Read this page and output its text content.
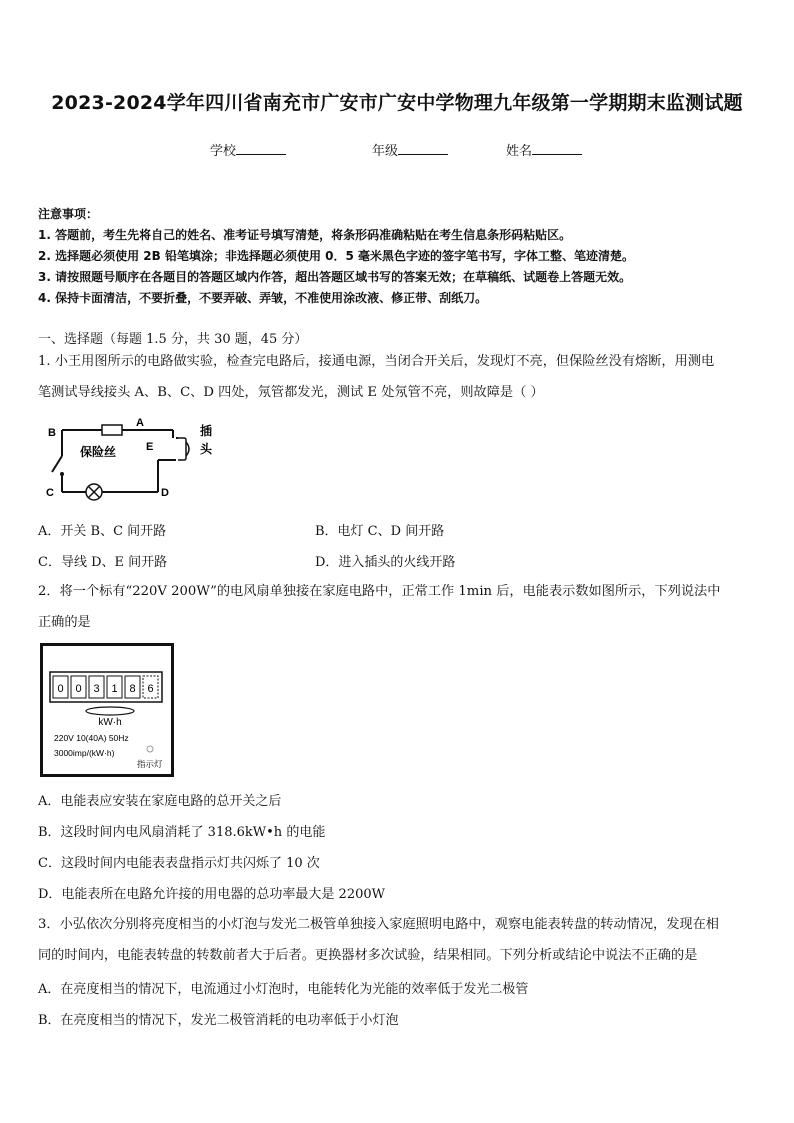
2023-2024学年四川省南充市广安市广安中学物理九年级第一学期期末监测试题
学校	年级	姓名
注意事项：
1. 答题前，考生先将自己的姓名、准考证号填写清楚，将条形码准确粘贴在考生信息条形码粘贴区。
2. 选择题必须使用 2B 铅笔填涂；非选择题必须使用 0．5 毫米黑色字迹的签字笔书写，字体工整、笔迹清楚。
3. 请按照题号顺序在各题目的答题区域内作答，超出答题区域书写的答案无效；在草稿纸、试题卷上答题无效。
4. 保持卡面清洁，不要折叠，不要弄破、弄皱，不准使用涂改液、修正带、刮纸刀。
一、选择题（每题 1.5 分，共 30 题，45 分）
1. 小王用图所示的电路做实验，检查完电路后，接通电源，当闭合开关后，发现灯不亮，但保险丝没有熔断，用测电
笔测试导线接头 A、B、C、D 四处，氖管都发光，测试 E 处氖管不亮，则故障是（ ）
B
A
C	D
E
保险丝
插
头
A．开关 B、C 间开路	B．电灯 C、D 间开路
C．导线 D、E 间开路	D．进入插头的火线开路
2．将一个标有“220V 200W”的电风扇单独接在家庭电路中，正常工作 1min 后，电能表示数如图所示，下列说法中
正确的是
0 0 3 1 8 6
kW·h
220V 10(40A) 50Hz
3000imp/(kW·h)
指示灯
A．电能表应安装在家庭电路的总开关之后
B．这段时间内电风扇消耗了 318.6kW•h 的电能
C．这段时间内电能表表盘指示灯共闪烁了 10 次
D．电能表所在电路允许接的用电器的总功率最大是 2200W
3．小弘依次分别将亮度相当的小灯泡与发光二极管单独接入家庭照明电路中，观察电能表转盘的转动情况，发现在相
同的时间内，电能表转盘的转数前者大于后者。更换器材多次试验，结果相同。下列分析或结论中说法不正确的是
A．在亮度相当的情况下，电流通过小灯泡时，电能转化为光能的效率低于发光二极管
B．在亮度相当的情况下，发光二极管消耗的电功率低于小灯泡
